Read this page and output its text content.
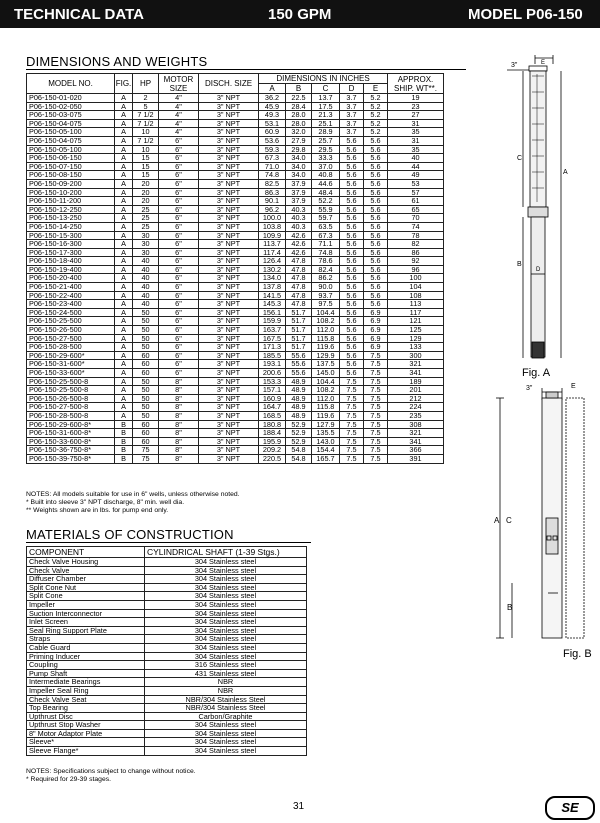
TECHNICAL DATA	150 GPM	MODEL P06-150
DIMENSIONS AND WEIGHTS
MODEL NO.	FIG.	HP	MOTOR SIZE	DISCH. SIZE	DIMENSIONS IN INCHES					APPROX. SHIP. WT**.
					A	B	C	D	E	
P06-150-01-020	A	2	4"	3" NPT	36.2	22.5	13.7	3.7	5.2	19
P06-150-02-050	A	5	4"	3" NPT	45.9	28.4	17.5	3.7	5.2	23
P06-150-03-075	A	7 1/2	4"	3" NPT	49.3	28.0	21.3	3.7	5.2	27
P06-150-04-075	A	7 1/2	4"	3" NPT	53.1	28.0	25.1	3.7	5.2	31
P06-150-05-100	A	10	4"	3" NPT	60.9	32.0	28.9	3.7	5.2	35
P06-150-04-075	A	7 1/2	6"	3" NPT	53.6	27.9	25.7	5.6	5.6	31
P06-150-05-100	A	10	6"	3" NPT	59.3	29.8	29.5	5.6	5.6	35
P06-150-06-150	A	15	6"	3" NPT	67.3	34.0	33.3	5.6	5.6	40
P06-150-07-150	A	15	6"	3" NPT	71.0	34.0	37.0	5.6	5.6	44
P06-150-08-150	A	15	6"	3" NPT	74.8	34.0	40.8	5.6	5.6	49
P06-150-09-200	A	20	6"	3" NPT	82.5	37.9	44.6	5.6	5.6	53
P06-150-10-200	A	20	6"	3" NPT	86.3	37.9	48.4	5.6	5.6	57
P06-150-11-200	A	20	6"	3" NPT	90.1	37.9	52.2	5.6	5.6	61
P06-150-12-250	A	25	6"	3" NPT	96.2	40.3	55.9	5.6	5.6	65
P06-150-13-250	A	25	6"	3" NPT	100.0	40.3	59.7	5.6	5.6	70
P06-150-14-250	A	25	6"	3" NPT	103.8	40.3	63.5	5.6	5.6	74
P06-150-15-300	A	30	6"	3" NPT	109.9	42.6	67.3	5.6	5.6	78
P06-150-16-300	A	30	6"	3" NPT	113.7	42.6	71.1	5.6	5.6	82
P06-150-17-300	A	30	6"	3" NPT	117.4	42.6	74.8	5.6	5.6	86
P06-150-18-400	A	40	6"	3" NPT	126.4	47.8	78.6	5.6	5.6	92
P06-150-19-400	A	40	6"	3" NPT	130.2	47.8	82.4	5.6	5.6	96
P06-150-20-400	A	40	6"	3" NPT	134.0	47.8	86.2	5.6	5.6	100
P06-150-21-400	A	40	6"	3" NPT	137.8	47.8	90.0	5.6	5.6	104
P06-150-22-400	A	40	6"	3" NPT	141.5	47.8	93.7	5.6	5.6	108
P06-150-23-400	A	40	6"	3" NPT	145.3	47.8	97.5	5.6	5.6	113
P06-150-24-500	A	50	6"	3" NPT	156.1	51.7	104.4	5.6	6.9	117
P06-150-25-500	A	50	6"	3" NPT	159.9	51.7	108.2	5.6	6.9	121
P06-150-26-500	A	50	6"	3" NPT	163.7	51.7	112.0	5.6	6.9	125
P06-150-27-500	A	50	6"	3" NPT	167.5	51.7	115.8	5.6	6.9	129
P06-150-28-500	A	50	6"	3" NPT	171.3	51.7	119.6	5.6	6.9	133
P06-150-29-600*	A	60	6"	3" NPT	185.5	55.6	129.9	5.6	7.5	300
P06-150-31-600*	A	60	6"	3" NPT	193.1	55.6	137.5	5.6	7.5	321
P06-150-33-600*	A	60	6"	3" NPT	200.6	55.6	145.0	5.6	7.5	341
P06-150-25-500-8	A	50	8"	3" NPT	153.3	48.9	104.4	7.5	7.5	189
P06-150-25-500-8	A	50	8"	3" NPT	157.1	48.9	108.2	7.5	7.5	201
P06-150-26-500-8	A	50	8"	3" NPT	160.9	48.9	112.0	7.5	7.5	212
P06-150-27-500-8	A	50	8"	3" NPT	164.7	48.9	115.8	7.5	7.5	224
P06-150-28-500-8	A	50	8"	3" NPT	168.5	48.9	119.6	7.5	7.5	235
P06-150-29-600-8*	B	60	8"	3" NPT	180.8	52.9	127.9	7.5	7.5	308
P06-150-31-600-8*	B	60	8"	3" NPT	188.4	52.9	135.5	7.5	7.5	321
P06-150-33-600-8*	B	60	8"	3" NPT	195.9	52.9	143.0	7.5	7.5	341
P06-150-36-750-8*	B	75	8"	3" NPT	209.2	54.8	154.4	7.5	7.5	366
P06-150-39-750-8*	B	75	8"	3" NPT	220.5	54.8	165.7	7.5	7.5	391
NOTES: All models suitable for use in 6" wells, unless otherwise noted.
* Built into sleeve 3" NPT discharge, 8" min. well dia.
** Weights shown are in lbs. for pump end only.
MATERIALS OF CONSTRUCTION
COMPONENT	CYLINDRICAL SHAFT (1-39 Stgs.)
Check Valve Housing	304 Stainless steel
Check Valve	304 Stainless steel
Diffuser Chamber	304 Stainless steel
Split Cone Nut	304 Stainless steel
Split Cone	304 Stainless steel
Impeller	304 Stainless steel
Suction Interconnector	304 Stainless steel
Inlet Screen	304 Stainless steel
Seal Ring Support Plate	304 Stainless steel
Straps	304 Stainless steel
Cable Guard	304 Stainless steel
Priming Inducer	304 Stainless steel
Coupling	316 Stainless steel
Pump Shaft	431 Stainless steel
Intermediate Bearings	NBR
Impeller Seal Ring	NBR
Check Valve Seat	NBR/304 Stainless Steel
Top Bearing	NBR/304 Stainless Steel
Upthrust Disc	Carbon/Graphite
Upthrust Stop Washer	304 Stainless steel
8" Motor Adaptor Plate	304 Stainless steel
Sleeve*	304 Stainless steel
Sleeve Flange*	304 Stainless steel
NOTES: Specifications subject to change without notice.
* Required for 29-39 stages.
3"	E
A
C
B
D
Fig. A
3"	E
A C
B
Fig. B
31	SE
